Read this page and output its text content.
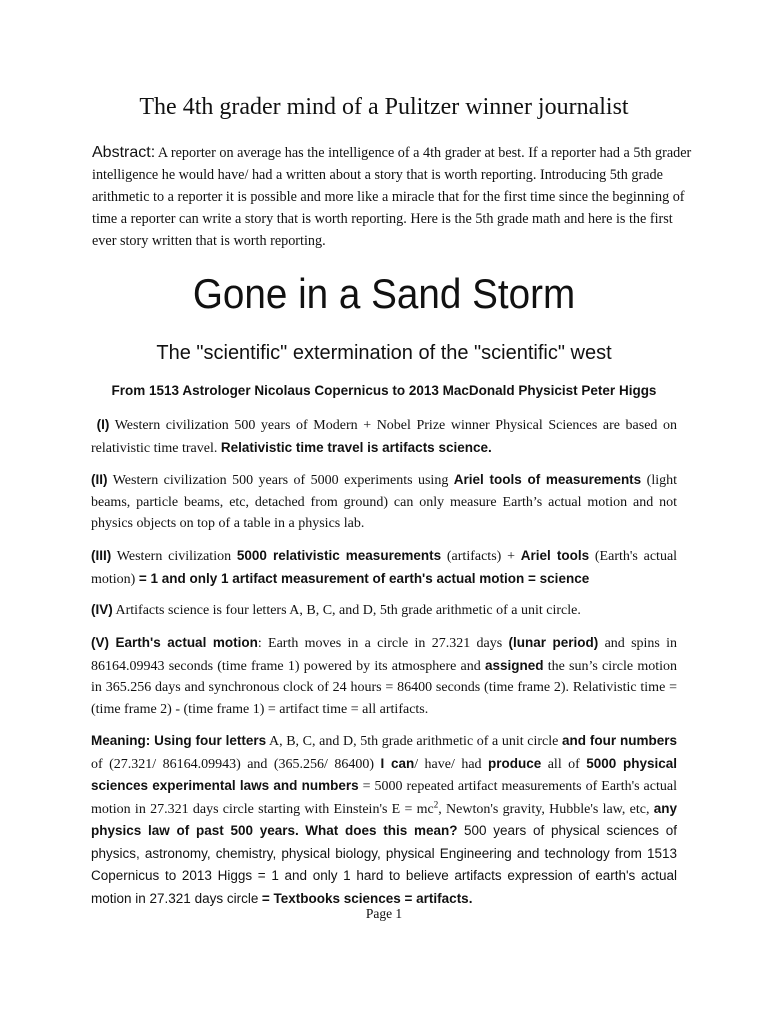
The 4th grader mind of a Pulitzer winner journalist
Abstract: A reporter on average has the intelligence of a 4th grader at best. If a reporter had a 5th grader intelligence he would have/ had a written about a story that is worth reporting. Introducing 5th grade arithmetic to a reporter it is possible and more like a miracle that for the first time since the beginning of time a reporter can write a story that is worth reporting. Here is the 5th grade math and here is the first ever story written that is worth reporting.
Gone in a Sand Storm
The "scientific" extermination of the "scientific" west
From 1513 Astrologer Nicolaus Copernicus to 2013 MacDonald Physicist Peter Higgs
(I) Western civilization 500 years of Modern + Nobel Prize winner Physical Sciences are based on relativistic time travel. Relativistic time travel is artifacts science.
(II) Western civilization 500 years of 5000 experiments using Ariel tools of measurements (light beams, particle beams, etc, detached from ground) can only measure Earth’s actual motion and not physics objects on top of a table in a physics lab.
(III) Western civilization 5000 relativistic measurements (artifacts) + Ariel tools (Earth's actual motion) = 1 and only 1 artifact measurement of earth's actual motion = science
(IV) Artifacts science is four letters A, B, C, and D, 5th grade arithmetic of a unit circle.
(V) Earth's actual motion: Earth moves in a circle in 27.321 days (lunar period) and spins in 86164.09943 seconds (time frame 1) powered by its atmosphere and assigned the sun’s circle motion in 365.256 days and synchronous clock of 24 hours = 86400 seconds (time frame 2). Relativistic time = (time frame 2) - (time frame 1) = artifact time = all artifacts.
Meaning: Using four letters A, B, C, and D, 5th grade arithmetic of a unit circle and four numbers of (27.321/ 86164.09943) and (365.256/ 86400) I can/ have/ had produce all of 5000 physical sciences experimental laws and numbers = 5000 repeated artifact measurements of Earth's actual motion in 27.321 days circle starting with Einstein's $E = mc^2$, Newton's gravity, Hubble's law, etc, any physics law of past 500 years. What does this mean? 500 years of physical sciences of physics, astronomy, chemistry, physical biology, physical Engineering and technology from 1513 Copernicus to 2013 Higgs = 1 and only 1 hard to believe artifacts expression of earth's actual motion in 27.321 days circle = Textbooks sciences = artifacts.
Page 1
